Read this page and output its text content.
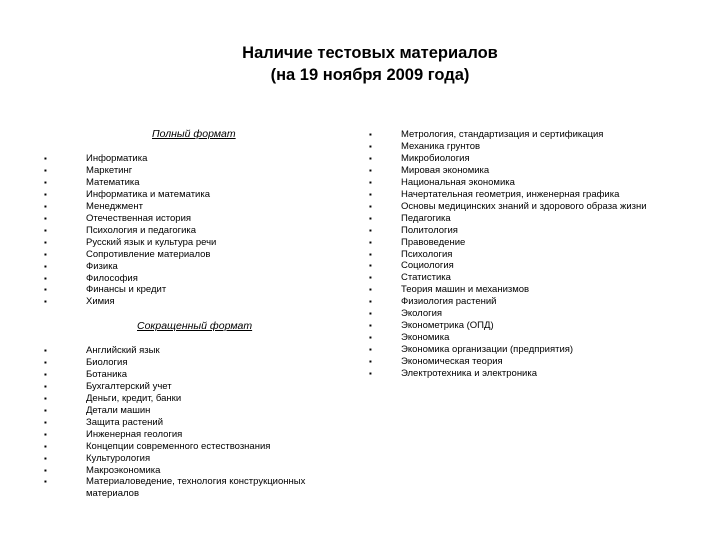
Наличие тестовых материалов
(на 19 ноября 2009 года)
Полный формат
▪	Информатика
▪	Маркетинг
▪	Математика
▪	Информатика и математика
▪	Менеджмент
▪	Отечественная история
▪	Психология и педагогика
▪	Русский язык и культура речи
▪	Сопротивление материалов
▪	Физика
▪	Философия
▪	Финансы и кредит
▪	Химия
Сокращенный формат
▪	Английский язык
▪	Биология
▪	Ботаника
▪	Бухгалтерский учет
▪	Деньги, кредит, банки
▪	Детали машин
▪	Защита растений
▪	Инженерная геология
▪	Концепции современного естествознания
▪	Культурология
▪	Макроэкономика
▪	Материаловедение, технология конструкционных материалов
▪	Метрология, стандартизация и сертификация
▪	Механика грунтов
▪	Микробиология
▪	Мировая экономика
▪	Национальная экономика
▪	Начертательная геометрия, инженерная графика
▪	Основы медицинских знаний и здорового образа жизни
▪	Педагогика
▪	Политология
▪	Правоведение
▪	Психология
▪	Социология
▪	Статистика
▪	Теория машин и механизмов
▪	Физиология растений
▪	Экология
▪	Эконометрика (ОПД)
▪	Экономика
▪	Экономика организации (предприятия)
▪	Экономическая теория
▪	Электротехника и электроника
